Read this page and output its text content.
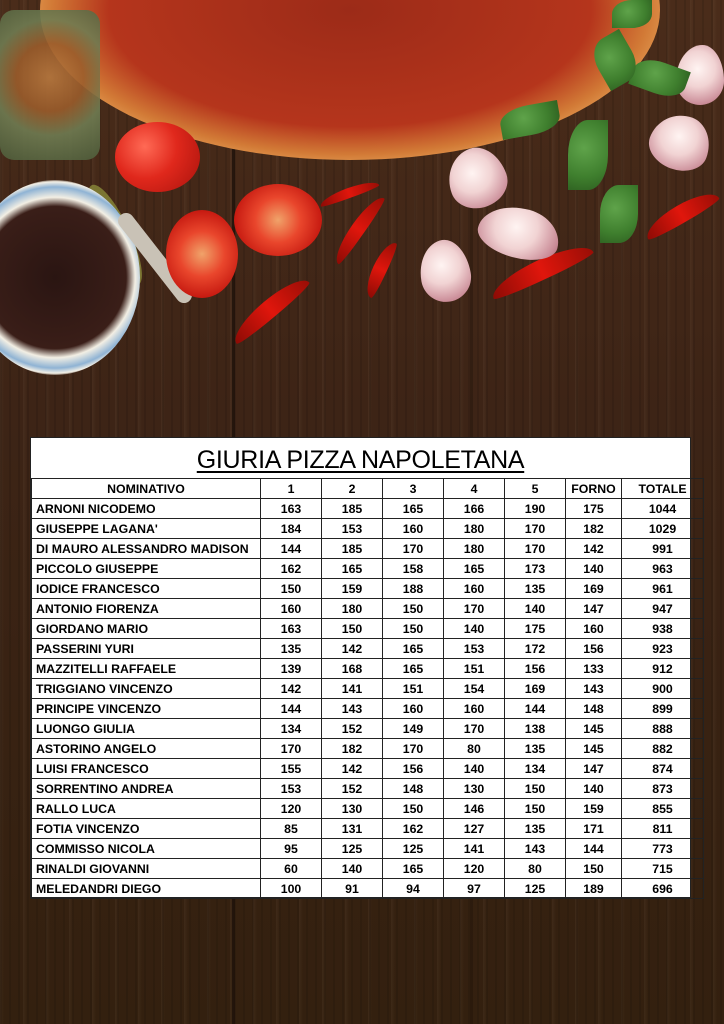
GIURIA PIZZA NAPOLETANA
NOMINATIVO	1	2	3	4	5	FORNO	TOTALE
ARNONI NICODEMO	163	185	165	166	190	175	1044
GIUSEPPE LAGANA'	184	153	160	180	170	182	1029
DI MAURO ALESSANDRO MADISON	144	185	170	180	170	142	991
PICCOLO GIUSEPPE	162	165	158	165	173	140	963
IODICE FRANCESCO	150	159	188	160	135	169	961
ANTONIO FIORENZA	160	180	150	170	140	147	947
GIORDANO MARIO	163	150	150	140	175	160	938
PASSERINI YURI	135	142	165	153	172	156	923
MAZZITELLI RAFFAELE	139	168	165	151	156	133	912
TRIGGIANO VINCENZO	142	141	151	154	169	143	900
PRINCIPE VINCENZO	144	143	160	160	144	148	899
LUONGO GIULIA	134	152	149	170	138	145	888
ASTORINO ANGELO	170	182	170	80	135	145	882
LUISI FRANCESCO	155	142	156	140	134	147	874
SORRENTINO ANDREA	153	152	148	130	150	140	873
RALLO LUCA	120	130	150	146	150	159	855
FOTIA VINCENZO	85	131	162	127	135	171	811
COMMISSO NICOLA	95	125	125	141	143	144	773
RINALDI GIOVANNI	60	140	165	120	80	150	715
MELEDANDRI DIEGO	100	91	94	97	125	189	696
